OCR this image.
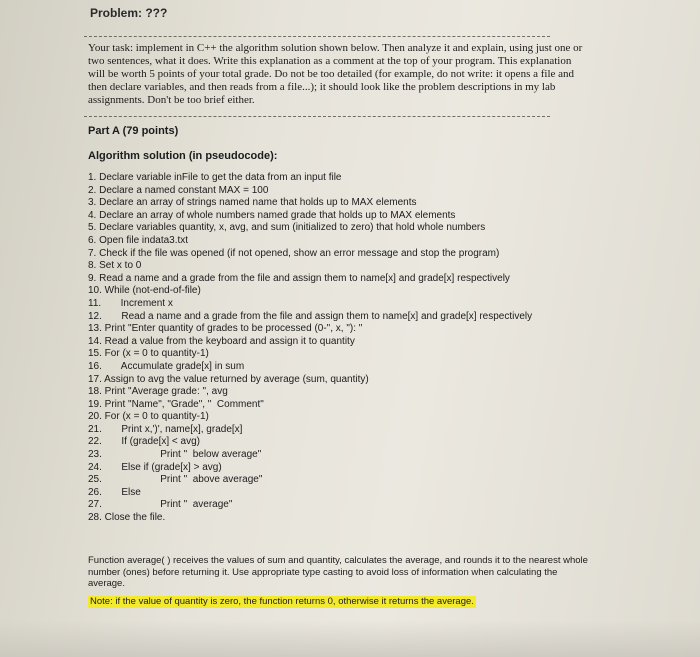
Problem: ???
Your task: implement in C++ the algorithm solution shown below. Then analyze it and explain, using just one or two sentences, what it does. Write this explanation as a comment at the top of your program. This explanation will be worth 5 points of your total grade. Do not be too detailed (for example, do not write: it opens a file and then declare variables, and then reads from a file...); it should look like the problem descriptions in my lab assignments. Don't be too brief either.
Part A (79 points)
Algorithm solution (in pseudocode):
1. Declare variable inFile to get the data from an input file
2. Declare a named constant MAX = 100
3. Declare an array of strings named name that holds up to MAX elements
4. Declare an array of whole numbers named grade that holds up to MAX elements
5. Declare variables quantity, x, avg, and sum (initialized to zero) that hold whole numbers
6. Open file indata3.txt
7. Check if the file was opened (if not opened, show an error message and stop the program)
8. Set x to 0
9. Read a name and a grade from the file and assign them to name[x] and grade[x] respectively
10. While (not-end-of-file)
11.       Increment x
12.       Read a name and a grade from the file and assign them to name[x] and grade[x] respectively
13. Print "Enter quantity of grades to be processed (0-", x, "): "
14. Read a value from the keyboard and assign it to quantity
15. For (x = 0 to quantity-1)
16.       Accumulate grade[x] in sum
17. Assign to avg the value returned by average (sum, quantity)
18. Print "Average grade: ", avg
19. Print "Name", "Grade", "  Comment"
20. For (x = 0 to quantity-1)
21.       Print x,')', name[x], grade[x]
22.       If (grade[x] < avg)
23.                     Print "  below average"
24.       Else if (grade[x] > avg)
25.                     Print "  above average"
26.       Else
27.                     Print "  average"
28. Close the file.
Function average( ) receives the values of sum and quantity, calculates the average, and rounds it to the nearest whole number (ones) before returning it. Use appropriate type casting to avoid loss of information when calculating the average.
Note: if the value of quantity is zero, the function returns 0, otherwise it returns the average.
